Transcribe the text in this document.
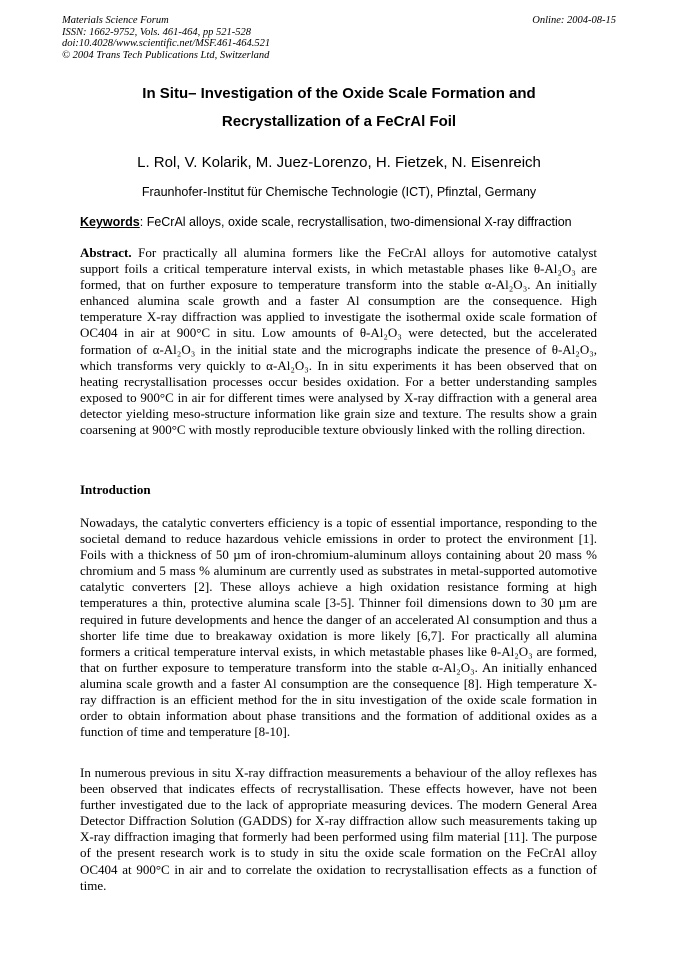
Materials Science Forum
ISSN: 1662-9752, Vols. 461-464, pp 521-528
doi:10.4028/www.scientific.net/MSF.461-464.521
© 2004 Trans Tech Publications Ltd, Switzerland
Online: 2004-08-15
In Situ– Investigation of the Oxide Scale Formation and
Recrystallization of a FeCrAl Foil
L. Rol, V. Kolarik, M. Juez-Lorenzo, H. Fietzek, N. Eisenreich
Fraunhofer-Institut für Chemische Technologie (ICT), Pfinztal, Germany
Keywords: FeCrAl alloys, oxide scale, recrystallisation, two-dimensional X-ray diffraction
Abstract. For practically all alumina formers like the FeCrAl alloys for automotive catalyst support foils a critical temperature interval exists, in which metastable phases like θ-Al₂O₃ are formed, that on further exposure to temperature transform into the stable α-Al₂O₃. An initially enhanced alumina scale growth and a faster Al consumption are the consequence. High temperature X-ray diffraction was applied to investigate the isothermal oxide scale formation of OC404 in air at 900°C in situ. Low amounts of θ-Al₂O₃ were detected, but the accelerated formation of α-Al₂O₃ in the initial state and the micrographs indicate the presence of θ-Al₂O₃, which transforms very quickly to α-Al₂O₃. In in situ experiments it has been observed that on heating recrystallisation processes occur besides oxidation. For a better understanding samples exposed to 900°C in air for different times were analysed by X-ray diffraction with a general area detector yielding meso-structure information like grain size and texture. The results show a grain coarsening at 900°C with mostly reproducible texture obviously linked with the rolling direction.
Introduction
Nowadays, the catalytic converters efficiency is a topic of essential importance, responding to the societal demand to reduce hazardous vehicle emissions in order to protect the environment [1]. Foils with a thickness of 50 µm of iron-chromium-aluminum alloys containing about 20 mass % chromium and 5 mass % aluminum are currently used as substrates in metal-supported automotive catalytic converters [2]. These alloys achieve a high oxidation resistance forming at high temperatures a thin, protective alumina scale [3-5]. Thinner foil dimensions down to 30 µm are required in future developments and hence the danger of an accelerated Al consumption and thus a shorter life time due to breakaway oxidation is more likely [6,7]. For practically all alumina formers a critical temperature interval exists, in which metastable phases like θ-Al₂O₃ are formed, that on further exposure to temperature transform into the stable α-Al₂O₃. An initially enhanced alumina scale growth and a faster Al consumption are the consequence [8]. High temperature X-ray diffraction is an efficient method for the in situ investigation of the oxide scale formation in order to obtain information about phase transitions and the formation of additional oxides as a function of time and temperature [8-10].
In numerous previous in situ X-ray diffraction measurements a behaviour of the alloy reflexes has been observed that indicates effects of recrystallisation. These effects however, have not been further investigated due to the lack of appropriate measuring devices. The modern General Area Detector Diffraction Solution (GADDS) for X-ray diffraction allow such measurements taking up X-ray diffraction imaging that formerly had been performed using film material [11]. The purpose of the present research work is to study in situ the oxide scale formation on the FeCrAl alloy OC404 at 900°C in air and to correlate the oxidation to recrystallisation effects as a function of time.
